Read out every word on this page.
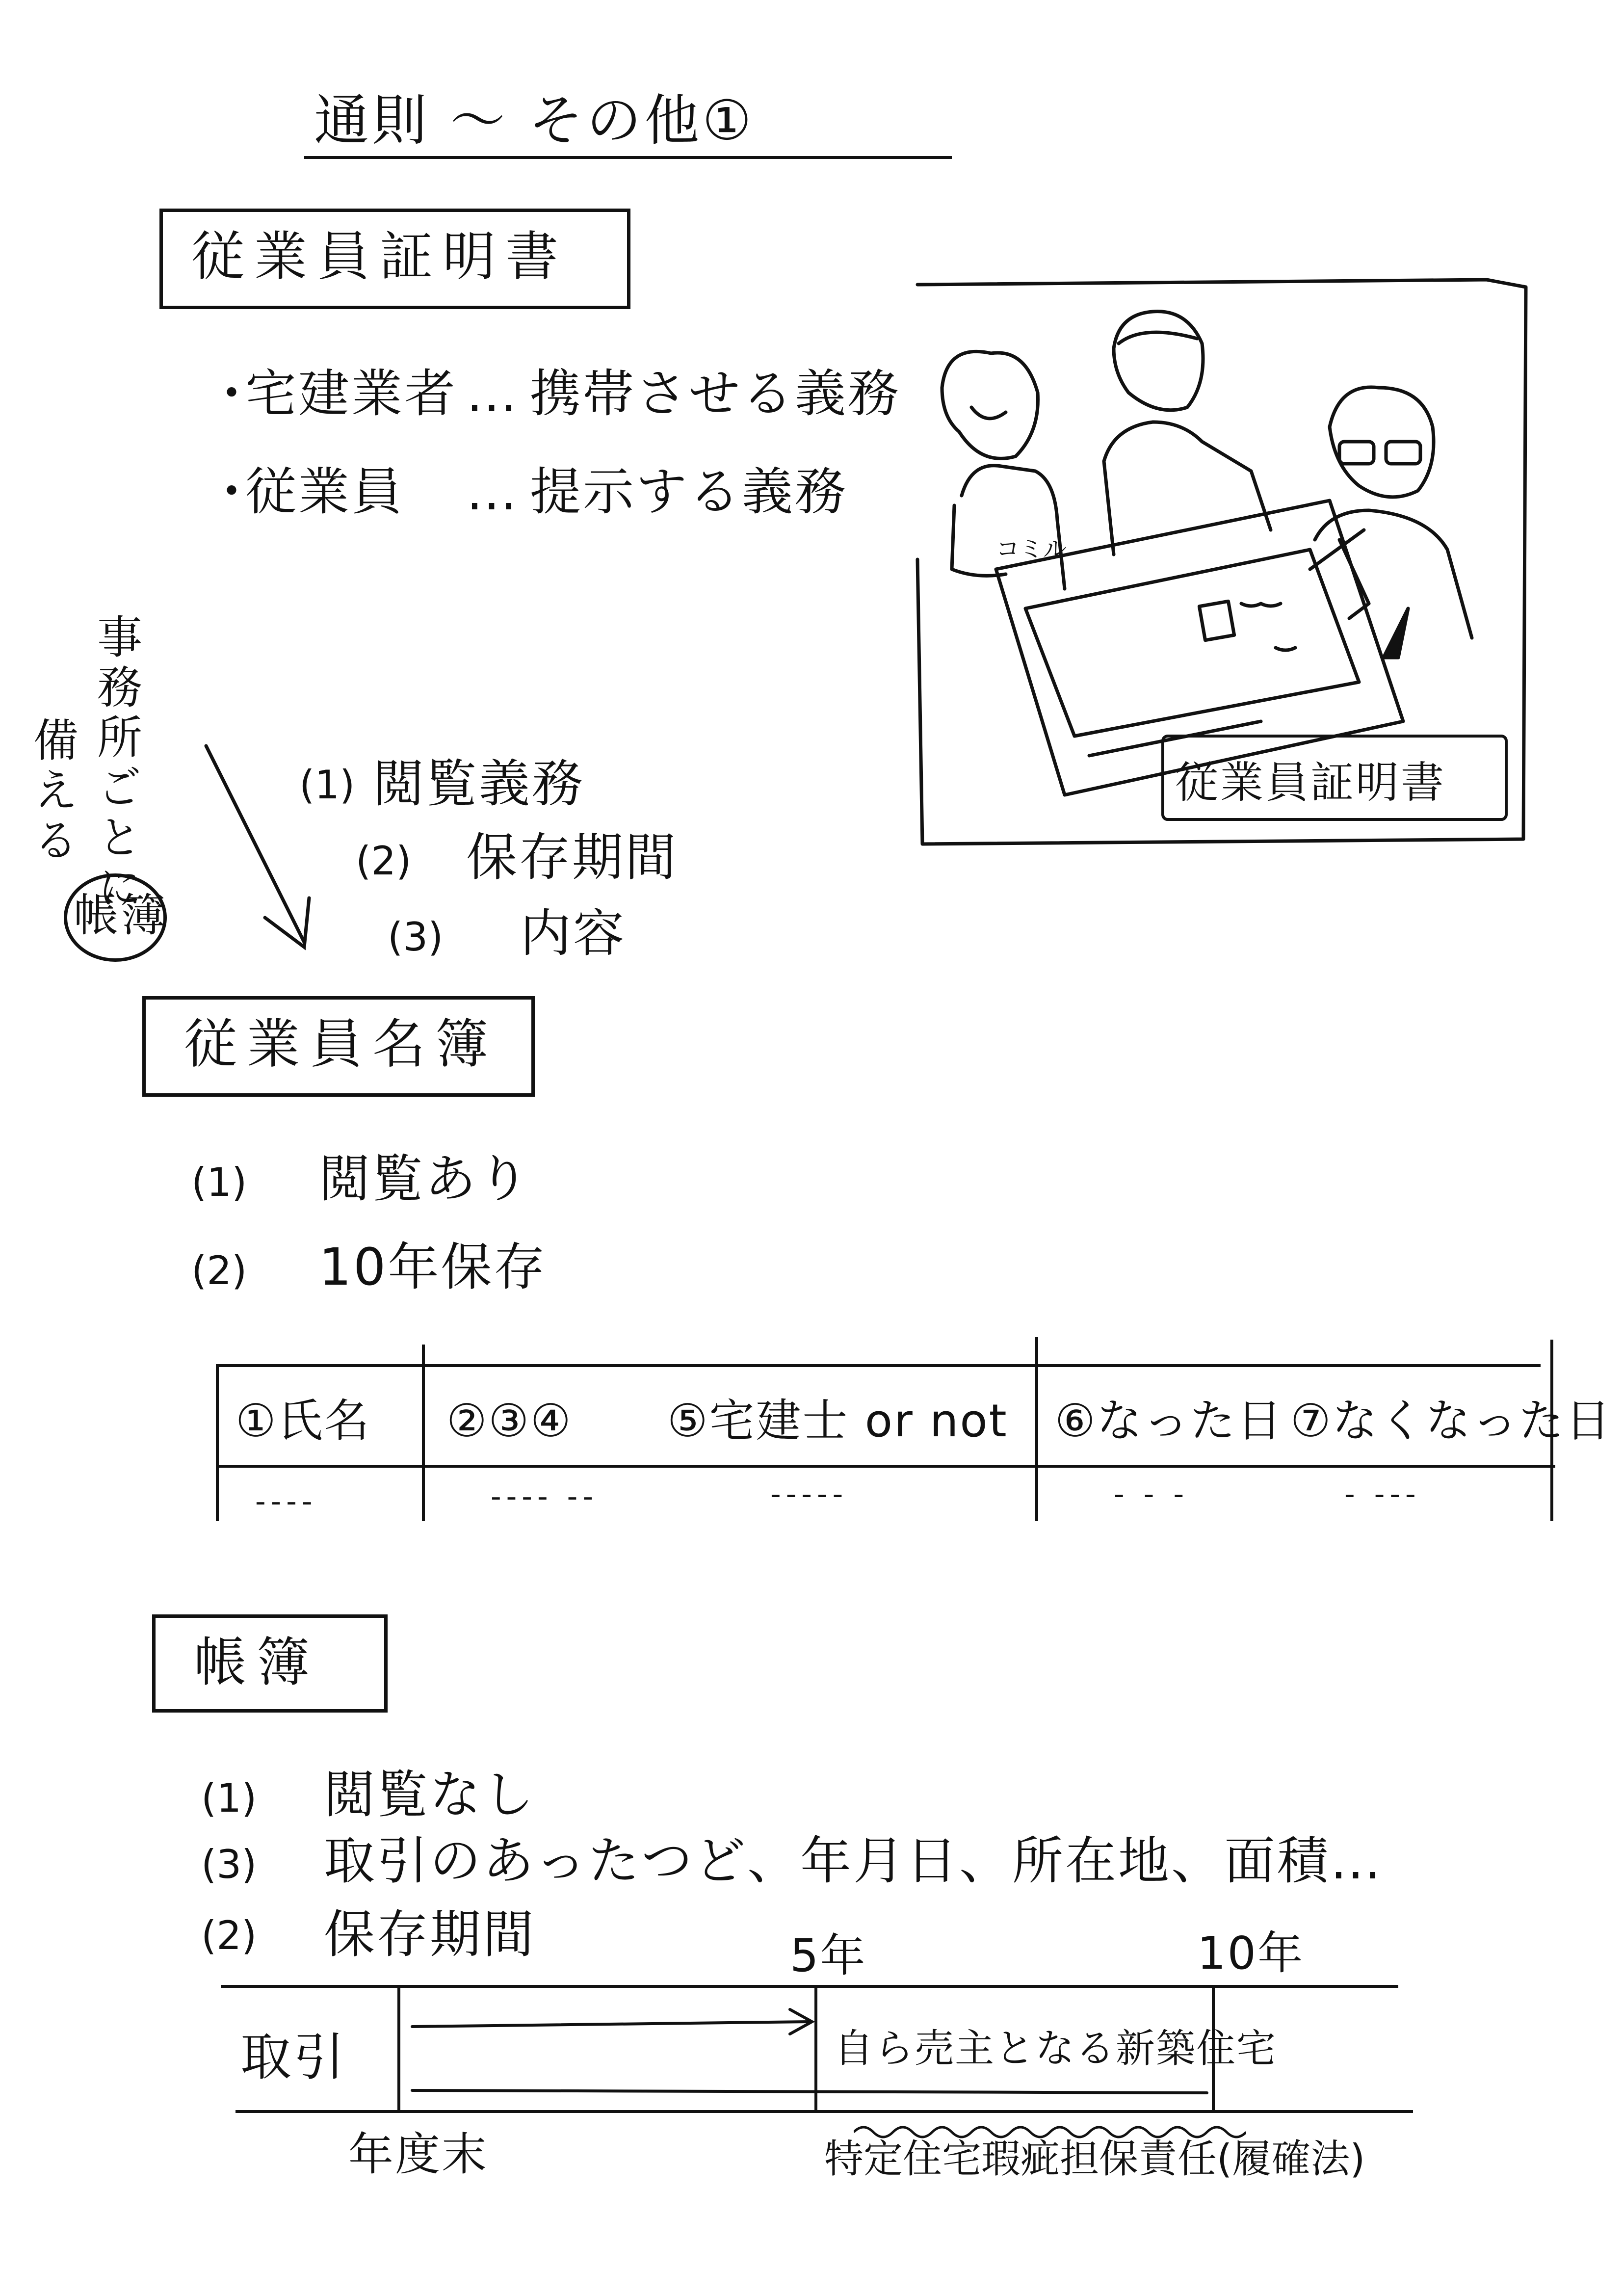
通則 〜 その他①
従業員証明書
・
宅建業者 … 携帯させる義務
・
従業員 … 提示する義務
コミル
従業員証明書
事務所ごとに
備える
帳簿
(1) 閲覧義務
(2) 保存期間
(3) 内容
従業員名簿
(1) 閲覧あり
(2) 10年保存
①氏名 ②③④ ⑤宅建士 or not ⑥なった日 ⑦なくなった日
----	---- --	-----	- - -	- ---
帳簿
(1) 閲覧なし
(3) 取引のあったつど、年月日、所在地、面積…
(2) 保存期間	5年	10年
取引	自ら売主となる新築住宅
年度末	特定住宅瑕疵担保責任(履確法)
